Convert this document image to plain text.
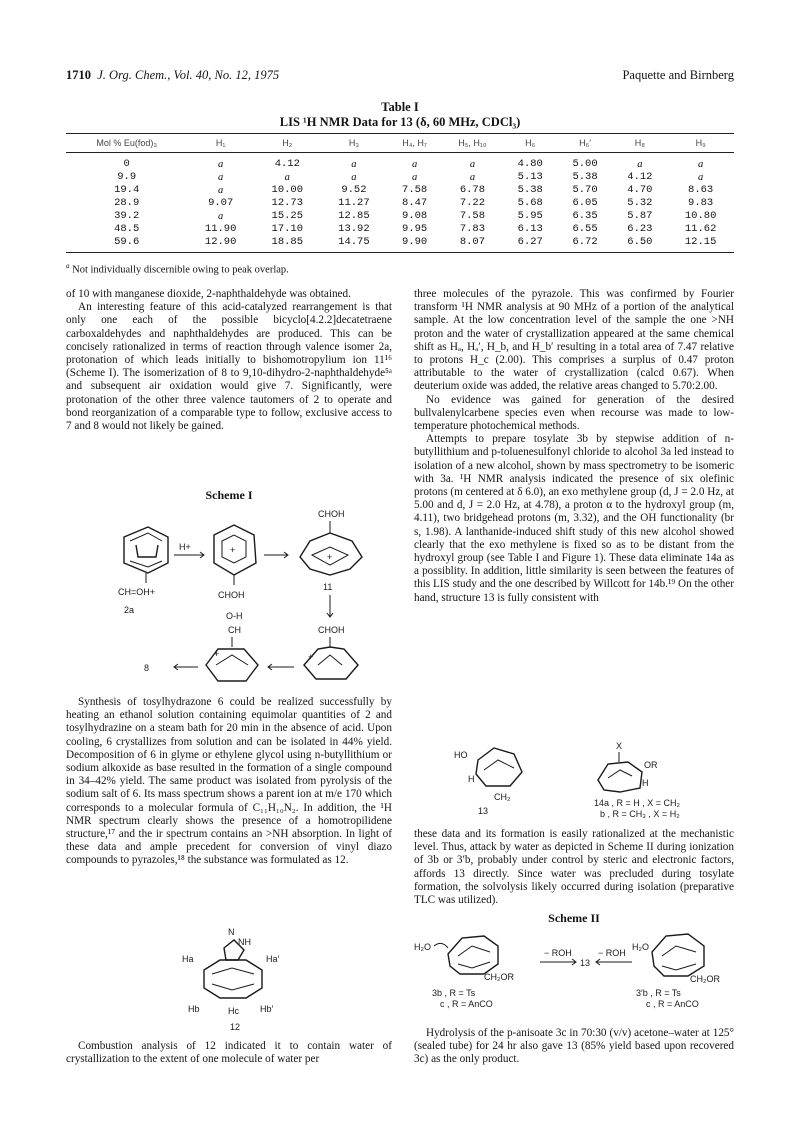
1710 J. Org. Chem., Vol. 40, No. 12, 1975	Paquette and Birnberg
Table I
LIS ¹H NMR Data for 13 (δ, 60 MHz, CDCl₃)
Mol % Eu(fod)₃	H₁	H₂	H₃	H₄, H₇	H₅, H₁₀	H₆	H₆′	H₈	H₉
0	a	4.12	a	a	a	4.80	5.00	a	a
9.9	a	a	a	a	a	5.13	5.38	4.12	a
19.4	a	10.00	9.52	7.58	6.78	5.38	5.70	4.70	8.63
28.9	9.07	12.73	11.27	8.47	7.22	5.68	6.05	5.32	9.83
39.2	a	15.25	12.85	9.08	7.58	5.95	6.35	5.87	10.80
48.5	11.90	17.10	13.92	9.95	7.83	6.13	6.55	6.23	11.62
59.6	12.90	18.85	14.75	9.90	8.07	6.27	6.72	6.50	12.15
$^a$ Not individually discernible owing to peak overlap.

of 10 with manganese dioxide, 2-naphthaldehyde was obtained.

An interesting feature of this acid-catalyzed rearrangement is that only one each of the possible bicyclo[4.2.2]decatetraene carboxaldehydes and naphthaldehydes are produced. This can be concisely rationalized in terms of reaction through valence isomer 2a, protonation of which leads initially to bishomotropylium ion 11¹⁶ (Scheme I). The isomerization of 8 to 9,10-dihydro-2-naphthaldehyde⁵ᵃ and subsequent air oxidation would give 7. Significantly, were protonation of the other three valence tautomers of 2 to operate and bond reorganization of a comparable type to follow, exclusive access to 7 and 8 would not likely be gained.

Scheme I
CH=OH+
2a
H+	+
CHOH
CHOH
+
11
CHOH
+
O-H
CH
+
8

Synthesis of tosylhydrazone 6 could be realized successfully by heating an ethanol solution containing equimolar quantities of 2 and tosylhydrazine on a steam bath for 20 min in the absence of acid. Upon cooling, 6 crystallizes from solution and can be isolated in 44% yield. Decomposition of 6 in glyme or ethylene glycol using n-butyllithium or sodium alkoxide as base resulted in the formation of a single compound in 34–42% yield. The same product was isolated from pyrolysis of the sodium salt of 6. Its mass spectrum shows a parent ion at m/e 170 which corresponds to a molecular formula of C₁₁H₁₀N₂. In addition, the ¹H NMR spectrum clearly shows the presence of a homotropilidene structure,¹⁷ and the ir spectrum contains an >NH absorption. In light of these data and ample precedent for conversion of vinyl diazo compounds to pyrazoles,¹⁸ the substance was formulated as 12.

N
NH
Ha	Ha′
Hb	Hb′
Hc
12

Combustion analysis of 12 indicated it to contain water of crystallization to the extent of one molecule of water per

three molecules of the pyrazole. This was confirmed by Fourier transform ¹H NMR analysis at 90 MHz of a portion of the analytical sample. At the low concentration level of the sample the one >NH proton and the water of crystallization appeared at the same chemical shift as Hₐ, Hₐ′, H_b, and H_b′ resulting in a total area of 7.47 relative to protons H_c (2.00). This comprises a surplus of 0.47 proton attributable to the water of crystallization (calcd 0.67). When deuterium oxide was added, the relative areas changed to 5.70:2.00.

No evidence was gained for generation of the desired bullvalenylcarbene species even when recourse was made to low-temperature photochemical methods.

Attempts to prepare tosylate 3b by stepwise addition of n-butyllithium and p-toluenesulfonyl chloride to alcohol 3a led instead to isolation of a new alcohol, shown by mass spectrometry to be isomeric with 3a. ¹H NMR analysis indicated the presence of six olefinic protons (m centered at δ 6.0), an exo methylene group (d, J = 2.0 Hz, at 5.00 and d, J = 2.0 Hz, at 4.78), a proton α to the hydroxyl group (m, 4.11), two bridgehead protons (m, 3.32), and the OH functionality (br s, 1.98). A lanthanide-induced shift study of this new alcohol showed clearly that the exo methylene is fixed so as to be distant from the hydroxyl group (see Table I and Figure 1). These data eliminate 14a as a possiblity. In addition, little similarity is seen between the features of this LIS study and the one described by Willcott for 14b.¹⁹ On the other hand, structure 13 is fully consistent with

HO
H
CH₂
13
X
OR
H
14a , R = H , X = CH₂
b , R = CH₃ , X = H₂

these data and its formation is easily rationalized at the mechanistic level. Thus, attack by water as depicted in Scheme II during ionization of 3b or 3′b, probably under control by steric and electronic factors, affords 13 directly. Since water was precluded during tosylate formation, the solvolysis likely occurred during isolation (preparative TLC was utilized).

Scheme II
H₂O
CH₂OR
3b , R = Ts
c , R = AnCO
− ROH
13
− ROH
H₂O
CH₂OR
3′b , R = Ts
c , R = AnCO

Hydrolysis of the p-anisoate 3c in 70:30 (v/v) acetone–water at 125° (sealed tube) for 24 hr also gave 13 (85% yield based upon recovered 3c) as the only product.
